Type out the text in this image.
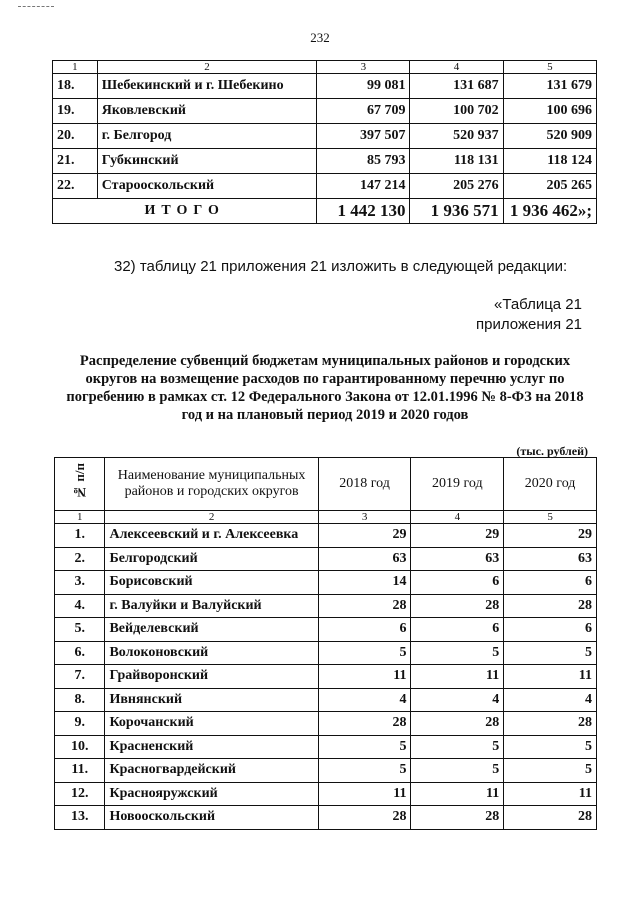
232
1	2	3	4	5
18.	Шебекинский и г. Шебекино	99 081	131 687	131 679
19.	Яковлевский	67 709	100 702	100 696
20.	г. Белгород	397 507	520 937	520 909
21.	Губкинский	85 793	118 131	118 124
22.	Старооскольский	147 214	205 276	205 265
ИТОГО		1 442 130	1 936 571	1 936 462»;
32) таблицу 21 приложения 21 изложить в следующей редакции:
«Таблица 21
приложения 21
Распределение субвенций бюджетам муниципальных районов и городских округов на возмещение расходов по гарантированному перечню услуг по погребению в рамках ст. 12 Федерального Закона от 12.01.1996 № 8-ФЗ на 2018 год и на плановый период 2019 и 2020 годов
(тыс. рублей)
№ п/п	Наименование муниципальных районов и городских округов	2018 год	2019 год	2020 год
1	2	3	4	5
1.	Алексеевский и г. Алексеевка	29	29	29
2.	Белгородский	63	63	63
3.	Борисовский	14	6	6
4.	г. Валуйки и Валуйский	28	28	28
5.	Вейделевский	6	6	6
6.	Волоконовский	5	5	5
7.	Грайворонский	11	11	11
8.	Ивнянский	4	4	4
9.	Корочанский	28	28	28
10.	Красненский	5	5	5
11.	Красногвардейский	5	5	5
12.	Краснояружский	11	11	11
13.	Новооскольский	28	28	28
